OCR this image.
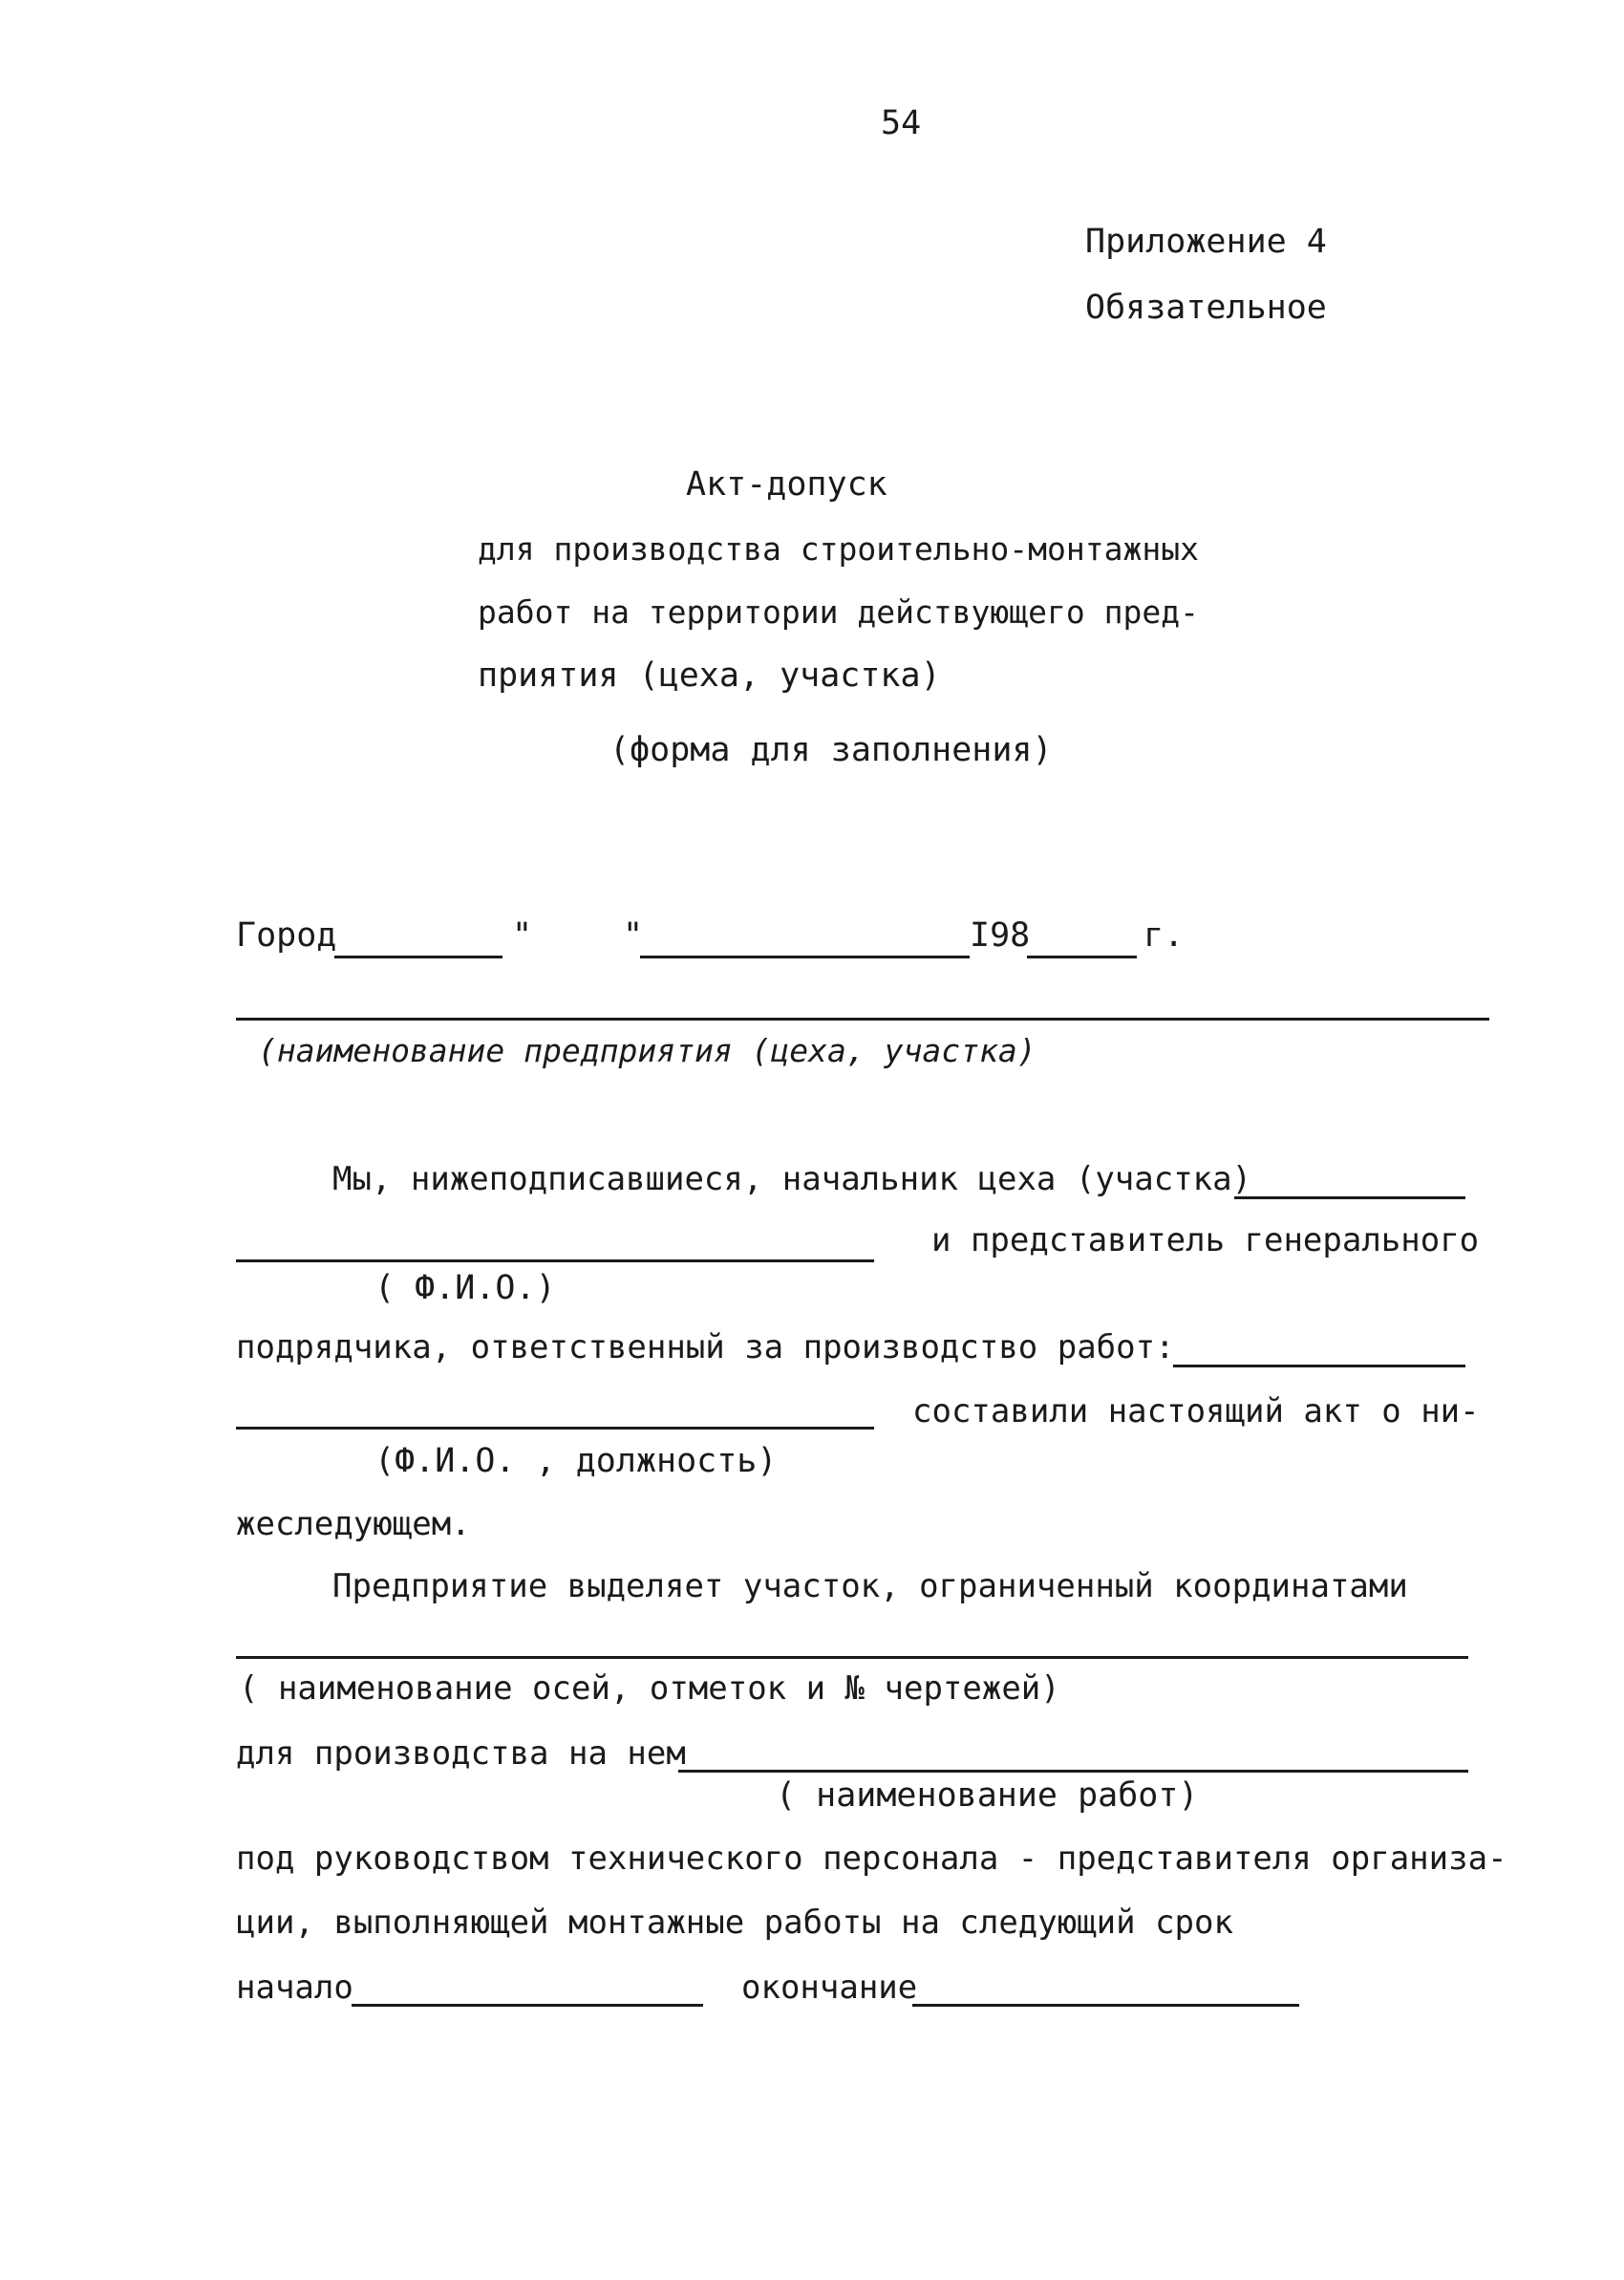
54
Приложение 4
Обязательное
Акт-допуск
для производства строительно-монтажных
работ на территории действующего пред-
приятия (цеха, участка)
(форма для заполнения)
Город	"	"	I98	г.
(наименование предприятия (цеха, участка)
Мы, нижеподписавшиеся, начальник цеха (участка)
и представитель генерального
( Ф.И.О.)
подрядчика, ответственный за производство работ:
составили настоящий акт о ни-
(Ф.И.О. , должность)
жеследующем.
Предприятие выделяет участок, ограниченный координатами
( наименование осей, отметок и № чертежей)
для производства на нем
( наименование работ)
под руководством технического персонала - представителя организа-
ции, выполняющей монтажные работы на следующий срок
начало	окончание
